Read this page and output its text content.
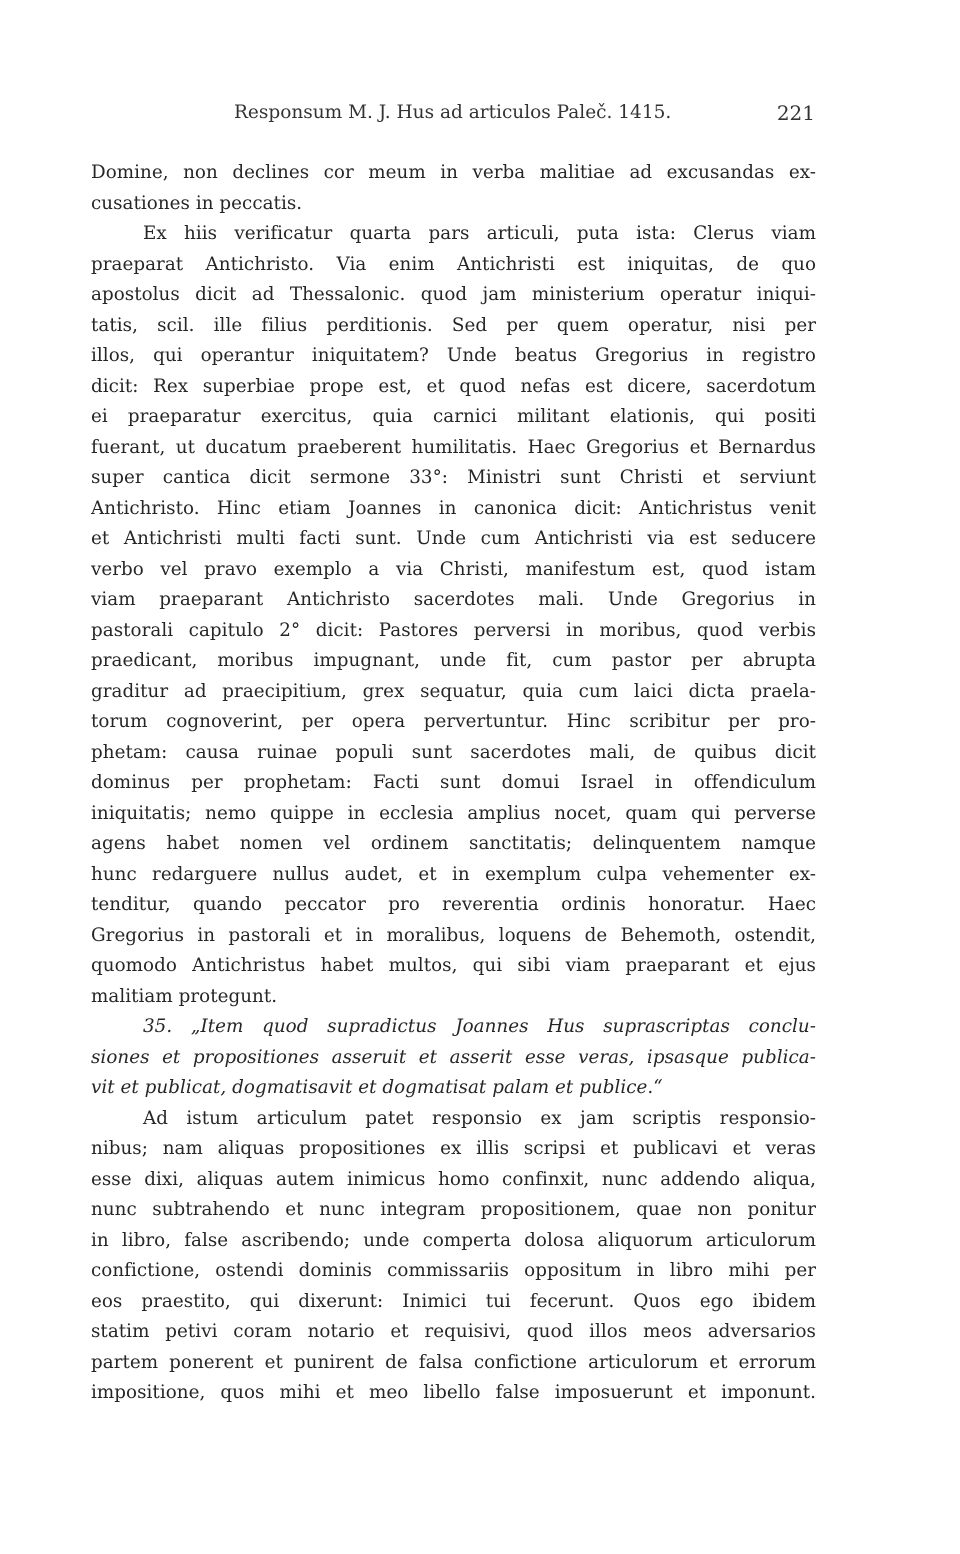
Responsum M. J. Hus ad articulos Paleč. 1415.	221
Domine, non declines cor meum in verba malitiae ad excusandas ex-
cusationes in peccatis.
Ex hiis verificatur quarta pars articuli, puta ista: Clerus viam
praeparat Antichristo. Via enim Antichristi est iniquitas, de quo
apostolus dicit ad Thessalonic. quod jam ministerium operatur iniqui-
tatis, scil. ille filius perditionis. Sed per quem operatur, nisi per
illos, qui operantur iniquitatem? Unde beatus Gregorius in registro
dicit: Rex superbiae prope est, et quod nefas est dicere, sacerdotum
ei praeparatur exercitus, quia carnici militant elationis, qui positi
fuerant, ut ducatum praeberent humilitatis. Haec Gregorius et Bernardus
super cantica dicit sermone 33°: Ministri sunt Christi et serviunt
Antichristo. Hinc etiam Joannes in canonica dicit: Antichristus venit
et Antichristi multi facti sunt. Unde cum Antichristi via est seducere
verbo vel pravo exemplo a via Christi, manifestum est, quod istam
viam praeparant Antichristo sacerdotes mali. Unde Gregorius in
pastorali capitulo 2° dicit: Pastores perversi in moribus, quod verbis
praedicant, moribus impugnant, unde fit, cum pastor per abrupta
graditur ad praecipitium, grex sequatur, quia cum laici dicta praela-
torum cognoverint, per opera pervertuntur. Hinc scribitur per pro-
phetam: causa ruinae populi sunt sacerdotes mali, de quibus dicit
dominus per prophetam: Facti sunt domui Israel in offendiculum
iniquitatis; nemo quippe in ecclesia amplius nocet, quam qui perverse
agens habet nomen vel ordinem sanctitatis; delinquentem namque
hunc redarguere nullus audet, et in exemplum culpa vehementer ex-
tenditur, quando peccator pro reverentia ordinis honoratur. Haec
Gregorius in pastorali et in moralibus, loquens de Behemoth, ostendit,
quomodo Antichristus habet multos, qui sibi viam praeparant et ejus
malitiam protegunt.
35. „Item quod supradictus Joannes Hus suprascriptas conclu-
siones et propositiones asseruit et asserit esse veras, ipsasque publica-
vit et publicat, dogmatisavit et dogmatisat palam et publice.“
Ad istum articulum patet responsio ex jam scriptis responsio-
nibus; nam aliquas propositiones ex illis scripsi et publicavi et veras
esse dixi, aliquas autem inimicus homo confinxit, nunc addendo aliqua,
nunc subtrahendo et nunc integram propositionem, quae non ponitur
in libro, false ascribendo; unde comperta dolosa aliquorum articulorum
confictione, ostendi dominis commissariis oppositum in libro mihi per
eos praestito, qui dixerunt: Inimici tui fecerunt. Quos ego ibidem
statim petivi coram notario et requisivi, quod illos meos adversarios
partem ponerent et punirent de falsa confictione articulorum et errorum
impositione, quos mihi et meo libello false imposuerunt et imponunt.
